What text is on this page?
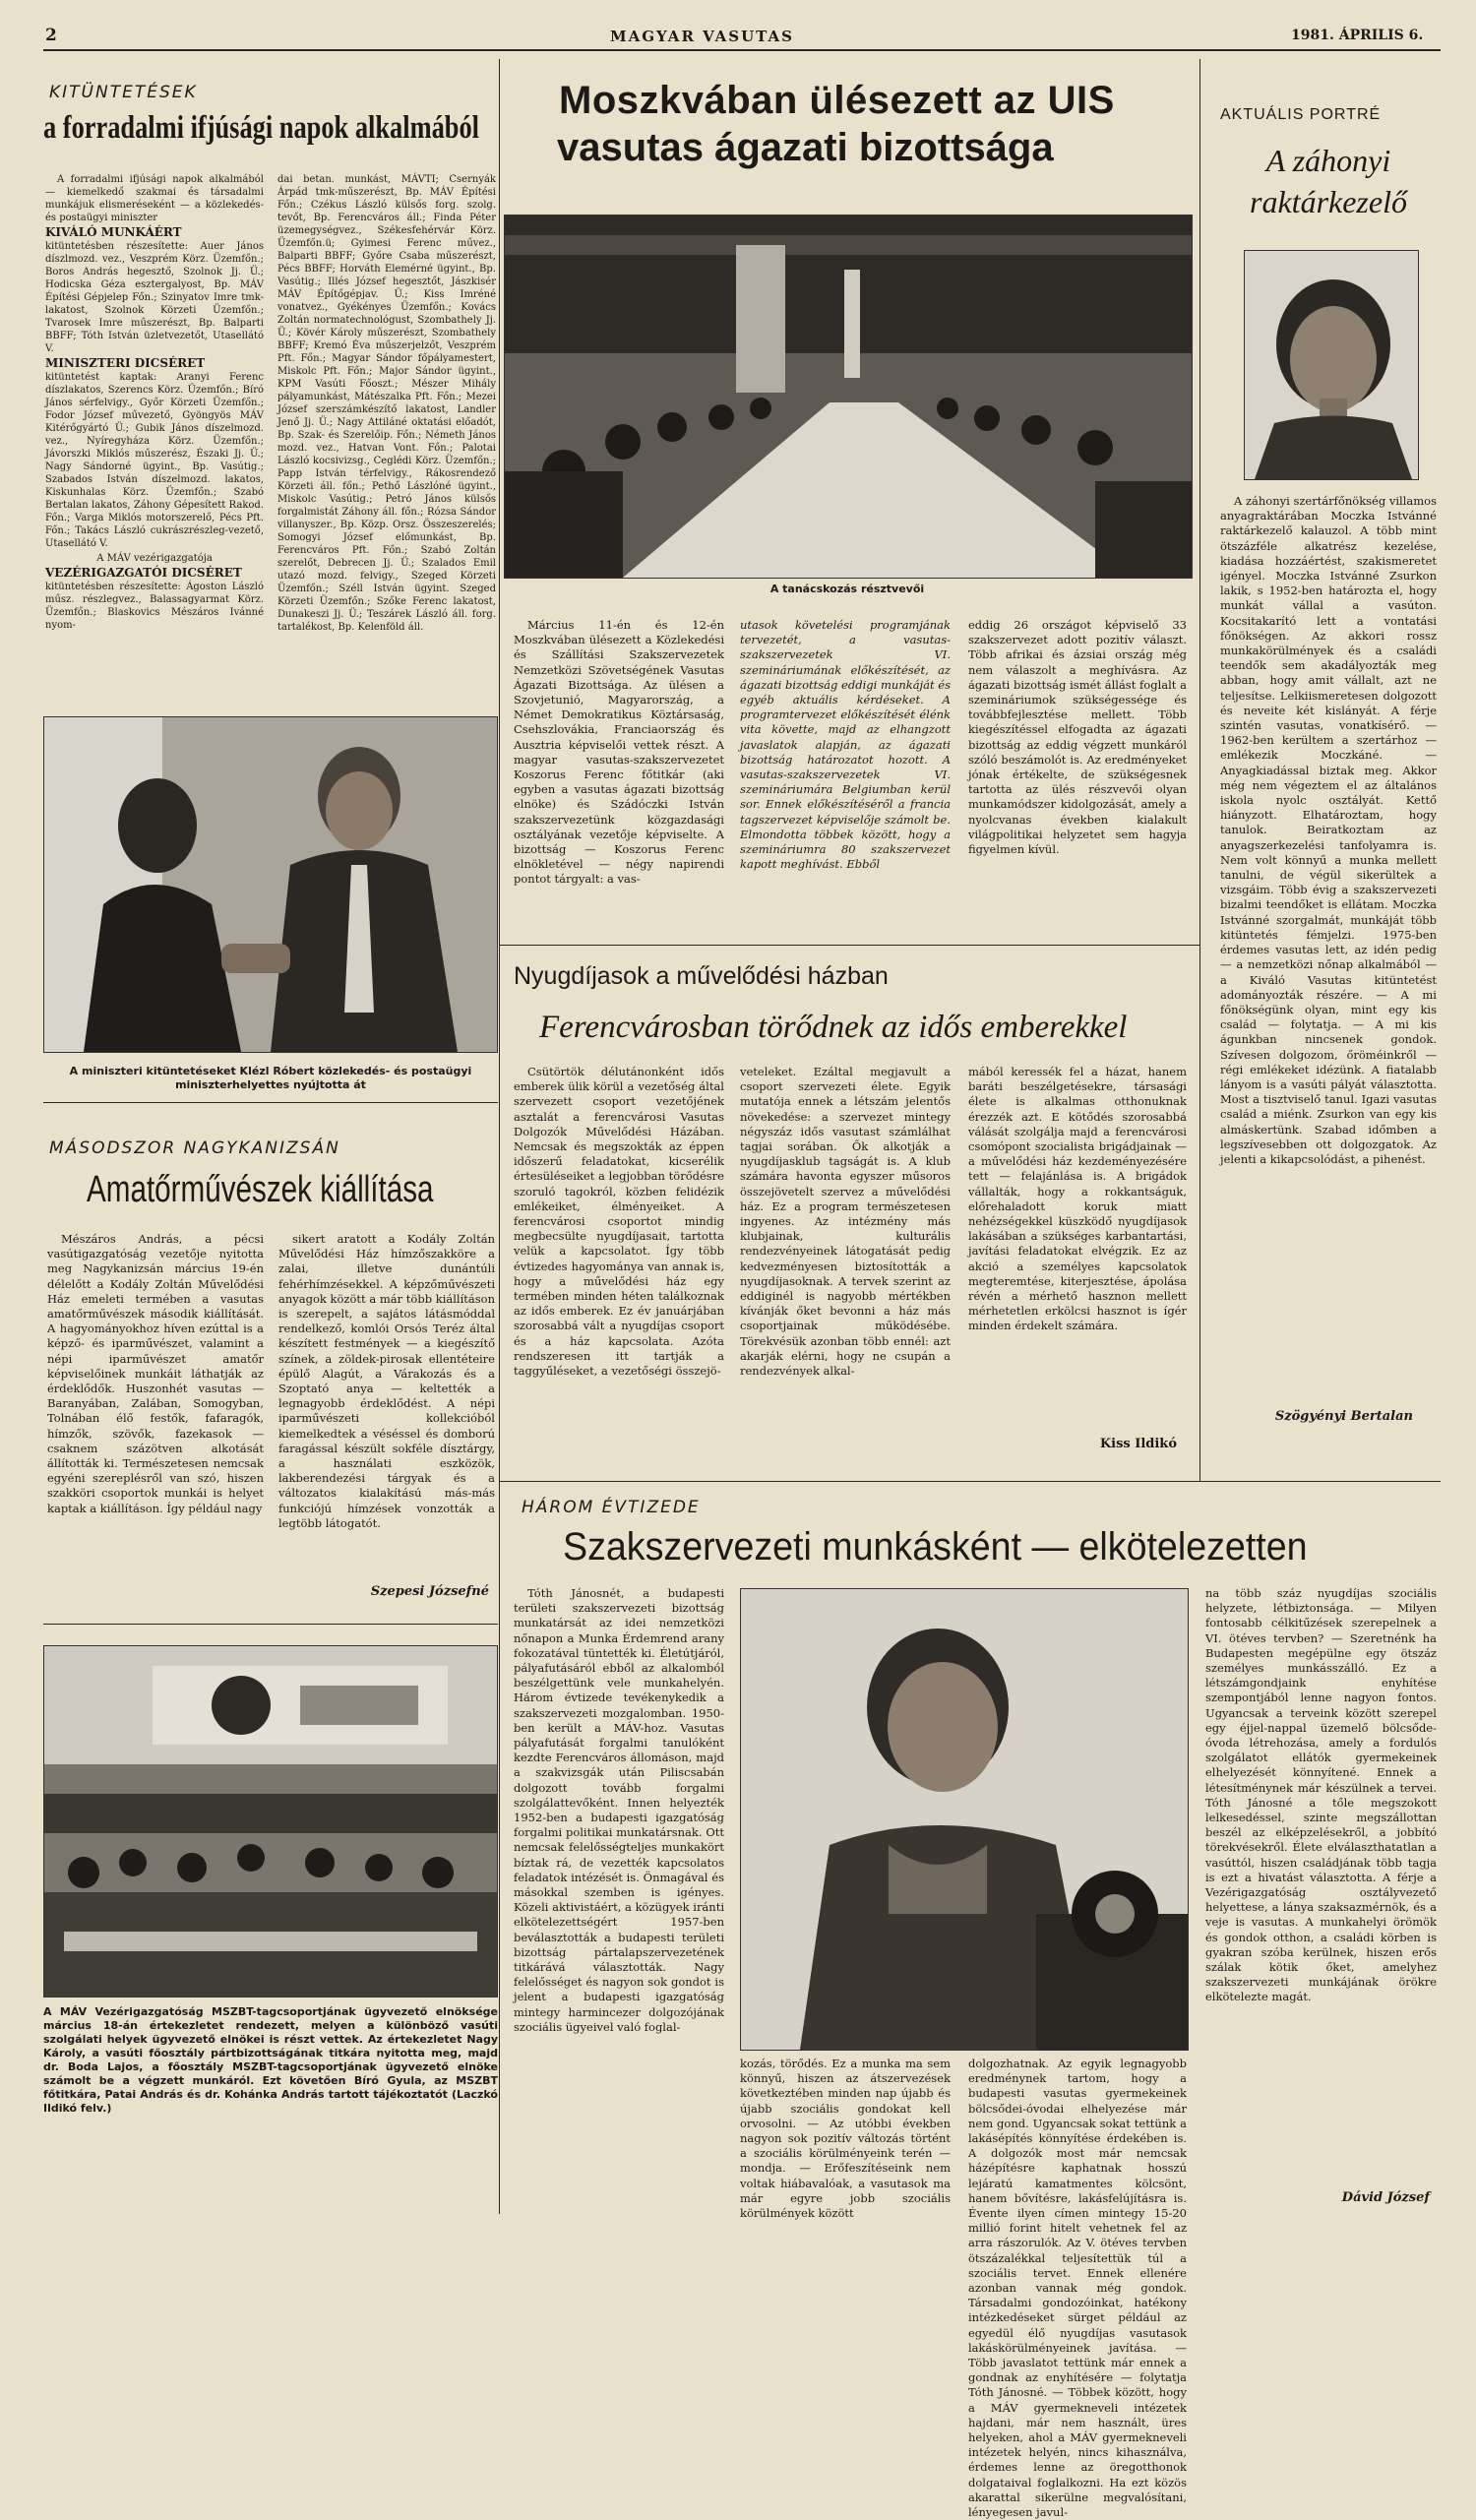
2	MAGYAR VASUTAS	1981. ÁPRILIS 6.
KITÜNTETÉSEK
a forradalmi ifjúsági napok alkalmából

A forradalmi ifjúsági napok alkalmából — kiemelkedő szakmai és társadalmi munkájuk elismeréseként — a közlekedés- és postaügyi miniszter

KIVÁLÓ MUNKÁÉRT

kitüntetésben részesítette: Auer János díszlmozd. vez., Veszprém Körz. Üzemfőn.; Boros András hegesztő, Szolnok Jj. Ü.; Hodicska Géza esztergalyost, Bp. MÁV Építési Gépjelep Főn.; Szinyatov Imre tmk-lakatost, Szolnok Körzeti Üzemfőn.; Tvarosek Imre műszerészt, Bp. Balparti BBFF; Tóth István üzletvezetőt, Utasellátó V.

MINISZTERI DICSÉRET

kitüntetést kaptak: Aranyi Ferenc díszlakatos, Szerencs Körz. Üzemfőn.; Bíró János sérfelvigy., Győr Körzeti Üzemfőn.; Fodor József művezető, Gyöngyös MÁV Kitérőgyártó Ü.; Gubik János díszelmozd. vez., Nyíregyháza Körz. Üzemfőn.; Jávorszki Miklós műszerész, Északi Jj. Ü.; Nagy Sándorné ügyint., Bp. Vasútig.; Szabados István díszelmozd. lakatos, Kiskunhalas Körz. Üzemfőn.; Szabó Bertalan lakatos, Záhony Gépesített Rakod. Főn.; Varga Miklós motorszerelő, Pécs Pft. Főn.; Takács László cukrászrészleg-vezető, Utasellátó V.

A MÁV vezérigazgatója

VEZÉRIGAZGATÓI DICSÉRET

kitüntetésben részesítette: Ágoston László műsz. részlegvez., Balassagyarmat Körz. Üzemfőn.; Blaskovics Mészáros Ivánné nyom-

dai betan. munkást, MÁVTI; Csernyák Árpád tmk-műszerészt, Bp. MÁV Építési Főn.; Czékus László külsős forg. szolg. tevőt, Bp. Ferencváros áll.; Finda Péter üzemegységvez., Székesfehérvár Körz. Üzemfőn.ü; Gyimesi Ferenc művez., Balparti BBFF; Győre Csaba műszerészt, Pécs BBFF; Horváth Elemérné ügyint., Bp. Vasútig.; Illés József hegesztőt, Jászkisér MÁV Építőgépjav. Ü.; Kiss Imréné vonatvez., Gyékényes Üzemfőn.; Kovács Zoltán normatechnológust, Szombathely Jj. Ü.; Kövér Károly műszerészt, Szombathely BBFF; Kremó Éva műszerjelzőt, Veszprém Pft. Főn.; Magyar Sándor főpályamestert, Miskolc Pft. Főn.; Major Sándor ügyint., KPM Vasúti Főoszt.; Mészer Mihály pályamunkást, Mátészalka Pft. Főn.; Mezei József szerszámkészítő lakatost, Landler Jenő Jj. Ü.; Nagy Attiláné oktatási előadót, Bp. Szak- és Szerelőip. Főn.; Németh János mozd. vez., Hatvan Vont. Főn.; Palotai László kocsivizsg., Ceglédi Körz. Üzemfőn.; Papp István térfelvigy., Rákosrendező Körzeti áll. főn.; Pethő Lászlóné ügyint., Miskolc Vasútig.; Petró János külsős forgalmistát Záhony áll. főn.; Rózsa Sándor villanyszer., Bp. Közp. Orsz. Összeszerelés; Somogyi József előmunkást, Bp. Ferencváros Pft. Főn.; Szabó Zoltán szerelőt, Debrecen Jj. Ü.; Szalados Emil utazó mozd. felvigy., Szeged Körzeti Üzemfőn.; Széll István ügyint. Szeged Körzeti Üzemfőn.; Szőke Ferenc lakatost, Dunakeszi Jj. Ü.; Teszárek László áll. forg. tartalékost, Bp. Kelenföld áll.

A miniszteri kitüntetéseket Klézl Róbert közlekedés- és postaügyi miniszterhelyettes nyújtotta át
MÁSODSZOR NAGYKANIZSÁN
Amatőrművészek kiállítása

Mészáros András, a pécsi vasútigazgatóság vezetője nyitotta meg Nagykanizsán március 19-én délelőtt a Kodály Zoltán Művelődési Ház emeleti termében a vasutas amatőrművészek második kiállítását. A hagyományokhoz híven ezúttal is a képző- és iparművészet, valamint a népi iparművészet amatőr képviselőinek munkáit láthatják az érdeklődők. Huszonhét vasutas — Baranyában, Zalában, Somogyban, Tolnában élő festők, fafaragók, hímzők, szövők, fazekasok — csaknem százötven alkotását állították ki. Természetesen nemcsak egyéni szereplésről van szó, hiszen szakköri csoportok munkái is helyet kaptak a kiállításon. Így például nagy

sikert aratott a Kodály Zoltán Művelődési Ház hímzőszakköre a zalai, illetve dunántúli fehérhímzésekkel. A képzőművészeti anyagok között a már több kiállításon is szerepelt, a sajátos látásmóddal rendelkező, komlói Orsós Teréz által készített festmények — a kiegészítő színek, a zöldek-pirosak ellentéteire épülő Alagút, a Várakozás és a Szoptató anya — keltették a legnagyobb érdeklődést. A népi iparművészeti kollekcióból kiemelkedtek a véséssel és domború faragással készült sokféle dísztárgy, a használati eszközök, lakberendezési tárgyak és a változatos kialakítású más-más funkciójú hímzések vonzották a legtöbb látogatót.

Szepesi Józsefné
A MÁV Vezérigazgatóság MSZBT-tagcsoportjának ügyvezető elnöksége március 18-án értekezletet rendezett, melyen a különböző vasúti szolgálati helyek ügyvezető elnökei is részt vettek. Az értekezletet Nagy Károly, a vasúti főosztály pártbizottságának titkára nyitotta meg, majd dr. Boda Lajos, a főosztály MSZBT-tagcsoportjának ügyvezető elnöke számolt be a végzett munkáról. Ezt követően Bíró Gyula, az MSZBT főtitkára, Patai András és dr. Kohánka András tartott tájékoztatót (Laczkó Ildikó felv.)
Moszkvában ülésezett az UIS
vasutas ágazati bizottsága
A tanácskozás résztvevői

Március 11-én és 12-én Moszkvában ülésezett a Közlekedési és Szállítási Szakszervezetek Nemzetközi Szövetségének Vasutas Ágazati Bizottsága. Az ülésen a Szovjetunió, Magyarország, a Német Demokratikus Köztársaság, Csehszlovákia, Franciaország és Ausztria képviselői vettek részt. A magyar vasutas-szakszervezetet Koszorus Ferenc főtitkár (aki egyben a vasutas ágazati bizottság elnöke) és Szádóczki István szakszervezetünk közgazdasági osztályának vezetője képviselte. A bizottság — Koszorus Ferenc elnökletével — négy napirendi pontot tárgyalt: a vas-

utasok követelési programjának tervezetét, a vasutas-szakszervezetek VI. szemináriumának előkészítését, az ágazati bizottság eddigi munkáját és egyéb aktuális kérdéseket. A programtervezet előkészítését élénk vita követte, majd az elhangzott javaslatok alapján, az ágazati bizottság határozatot hozott. A vasutas-szakszervezetek VI. szemináriumára Belgiumban kerül sor. Ennek előkészítéséről a francia tagszervezet képviselője számolt be. Elmondotta többek között, hogy a szemináriumra 80 szakszervezet kapott meghívást. Ebből

eddig 26 országot képviselő 33 szakszervezet adott pozitív választ. Több afrikai és ázsiai ország még nem válaszolt a meghívásra. Az ágazati bizottság ismét állást foglalt a szemináriumok szükségessége és továbbfejlesztése mellett. Több kiegészítéssel elfogadta az ágazati bizottság az eddig végzett munkáról szóló beszámolót is. Az eredményeket jónak értékelte, de szükségesnek tartotta az ülés részvevői olyan munkamódszer kidolgozását, amely a nyolcvanas években kialakult világpolitikai helyzetet sem hagyja figyelmen kívül.

Nyugdíjasok a művelődési házban
Ferencvárosban törődnek az idős emberekkel

Csütörtök délutánonként idős emberek ülik körül a vezetőség által szervezett csoport vezetőjének asztalát a ferencvárosi Vasutas Dolgozók Művelődési Házában. Nemcsak és megszokták az éppen időszerű feladatokat, kicserélik értesüléseiket a legjobban törődésre szoruló tagokról, közben felidézik emlékeiket, élményeiket. A ferencvárosi csoportot mindig megbecsülte nyugdíjasait, tartotta velük a kapcsolatot. Így több évtizedes hagyománya van annak is, hogy a művelődési ház egy termében minden héten találkoznak az idős emberek. Ez év januárjában szorosabbá vált a nyugdíjas csoport és a ház kapcsolata. Azóta rendszeresen itt tartják a taggyűléseket, a vezetőségi összejö-

veteleket. Ezáltal megjavult a csoport szervezeti élete. Egyik mutatója ennek a létszám jelentős növekedése: a szervezet mintegy négyszáz idős vasutast számlálhat tagjai sorában. Ők alkotják a nyugdíjasklub tagságát is. A klub számára havonta egyszer műsoros összejövetelt szervez a művelődési ház. Ez a program természetesen ingyenes. Az intézmény más klubjainak, kulturális rendezvényeinek látogatását pedig kedvezményesen biztosították a nyugdíjasoknak. A tervek szerint az eddiginél is nagyobb mértékben kívánják őket bevonni a ház más csoportjainak működésébe. Törekvésük azonban több ennél: azt akarják elérni, hogy ne csupán a rendezvények alkal-

mából keressék fel a házat, hanem baráti beszélgetésekre, társasági élete is alkalmas otthonuknak érezzék azt. E kötődés szorosabbá válását szolgálja majd a ferencvárosi csomópont szocialista brigádjainak — a művelődési ház kezdeményezésére tett — felajánlása is. A brigádok vállalták, hogy a rokkantságuk, előrehaladott koruk miatt nehézségekkel küszködő nyugdíjasok lakásában a szükséges karbantartási, javítási feladatokat elvégzik. Ez az akció a személyes kapcsolatok megteremtése, kiterjesztése, ápolása révén a mérhető hasznon mellett mérhetetlen erkölcsi hasznot is ígér minden érdekelt számára.

Kiss Ildikó
AKTUÁLIS PORTRÉ
A záhonyi raktárkezelő

A záhonyi szertárfőnökség villamos anyagraktárában Moczka Istvánné raktárkezelő kalauzol. A több mint ötszázféle alkatrész kezelése, kiadása hozzáértést, szakismeretet igényel. Moczka Istvánné Zsurkon lakik, s 1952-ben határozta el, hogy munkát vállal a vasúton. Kocsitakarító lett a vontatási főnökségen. Az akkori rossz munkakörülmények és a családi teendők sem akadályozták meg abban, hogy amit vállalt, azt ne teljesítse. Lelkiismeretesen dolgozott és neveite két kislányát. A férje szintén vasutas, vonatkísérő. — 1962-ben kerültem a szertárhoz — emlékezik Moczkáné. — Anyagkiadással biztak meg. Akkor még nem végeztem el az általános iskola nyolc osztályát. Kettő hiányzott. Elhatároztam, hogy tanulok. Beiratkoztam az anyagszerkezelési tanfolyamra is. Nem volt könnyű a munka mellett tanulni, de végül sikerültek a vizsgáim. Több évig a szakszervezeti bizalmi teendőket is ellátam. Moczka Istvánné szorgalmát, munkáját több kitüntetés fémjelzi. 1975-ben érdemes vasutas lett, az idén pedig — a nemzetközi nőnap alkalmából — a Kiváló Vasutas kitüntetést adományozták részére. — A mi főnökségünk olyan, mint egy kis család — folytatja. — A mi kis águnkban nincsenek gondok. Szívesen dolgozom, őröméinkről — régi emlékeket idézünk. A fiatalabb lányom is a vasúti pályát választotta. Most a tisztviselő tanul. Igazi vasutas család a miénk. Zsurkon van egy kis almáskertünk. Szabad időmben a legszívesebben ott dolgozgatok. Az jelenti a kikapcsolódást, a pihenést.

Szögyényi Bertalan
HÁROM ÉVTIZEDE
Szakszervezeti munkásként — elkötelezetten

Tóth Jánosnét, a budapesti területi szakszervezeti bizottság munkatársát az idei nemzetközi nőnapon a Munka Érdemrend arany fokozatával tüntették ki. Életútjáról, pályafutásáról ebből az alkalomból beszélgettünk vele munkahelyén. Három évtizede tevékenykedik a szakszervezeti mozgalomban. 1950-ben került a MÁV-hoz. Vasutas pályafutását forgalmi tanulóként kezdte Ferencváros állomáson, majd a szakvizsgák után Piliscsabán dolgozott tovább forgalmi szolgálattevőként. Innen helyezték 1952-ben a budapesti igazgatóság forgalmi politikai munkatársnak. Ott nemcsak felelősségteljes munkakört bíztak rá, de vezették kapcsolatos feladatok intézését is. Önmagával és másokkal szemben is igényes. Közeli aktivistáért, a közügyek iránti elkötelezettségért 1957-ben beválasztották a budapesti területi bizottság pártalapszervezetének titkárává választották. Nagy felelősséget és nagyon sok gondot is jelent a budapesti igazgatóság mintegy harmincezer dolgozójának szociális ügyeivel való foglal-

kozás, törődés. Ez a munka ma sem könnyű, hiszen az átszervezések következtében minden nap újabb és újabb szociális gondokat kell orvosolni. — Az utóbbi években nagyon sok pozitív változás történt a szociális körülményeink terén — mondja. — Erőfeszítéseink nem voltak hiábavalóak, a vasutasok ma már egyre jobb szociális körülmények között

dolgozhatnak. Az egyik legnagyobb eredménynek tartom, hogy a budapesti vasutas gyermekeinek bölcsődei-óvodai elhelyezése már nem gond. Ugyancsak sokat tettünk a lakásépítés könnyítése érdekében is. A dolgozók most már nemcsak házépítésre kaphatnak hosszú lejáratú kamatmentes kölcsönt, hanem bővítésre, lakásfelújításra is. Évente ilyen címen mintegy 15-20 millió forint hitelt vehetnek fel az arra rászorulók. Az V. ötéves tervben ötszázalékkal teljesítettük túl a szociális tervet. Ennek ellenére azonban vannak még gondok. Társadalmi gondozóinkat, hatékony intézkedéseket sürget például az egyedül élő nyugdíjas vasutasok lakáskörülményeinek javítása. — Több javaslatot tettünk már ennek a gondnak az enyhítésére — folytatja Tóth Jánosné. — Többek között, hogy a MÁV gyermekneveli intézetek hajdani, már nem használt, üres helyeken, ahol a MÁV gyermekneveli intézetek helyén, nincs kihasználva, érdemes lenne az öregotthonok dolgataival foglalkozni. Ha ezt közös akarattal sikerülne megvalósítani, lényegesen javul-

na több száz nyugdíjas szociális helyzete, létbiztonsága. — Milyen fontosabb célkitűzések szerepelnek a VI. ötéves tervben? — Szeretnénk ha Budapesten megépülne egy ötszáz személyes munkásszálló. Ez a létszámgondjaink enyhítése szempontjából lenne nagyon fontos. Ugyancsak a terveink között szerepel egy éjjel-nappal üzemelő bölcsőde-óvoda létrehozása, amely a fordulós szolgálatot ellátók gyermekeinek elhelyezését könnyítené. Ennek a létesítménynek már készülnek a tervei. Tóth Jánosné a tőle megszokott lelkesedéssel, szinte megszállottan beszél az elképzelésekről, a jobbító törekvésekről. Élete elválaszthatatlan a vasúttól, hiszen családjának több tagja is ezt a hivatást választotta. A férje a Vezérigazgatóság osztályvezető helyettese, a lánya szaksazmérnök, és a veje is vasutas. A munkahelyi örömök és gondok otthon, a családi körben is gyakran szóba kerülnek, hiszen erős szálak kötik őket, amelyhez szakszervezeti munkájának örökre elkötelezte magát.

Dávid József
